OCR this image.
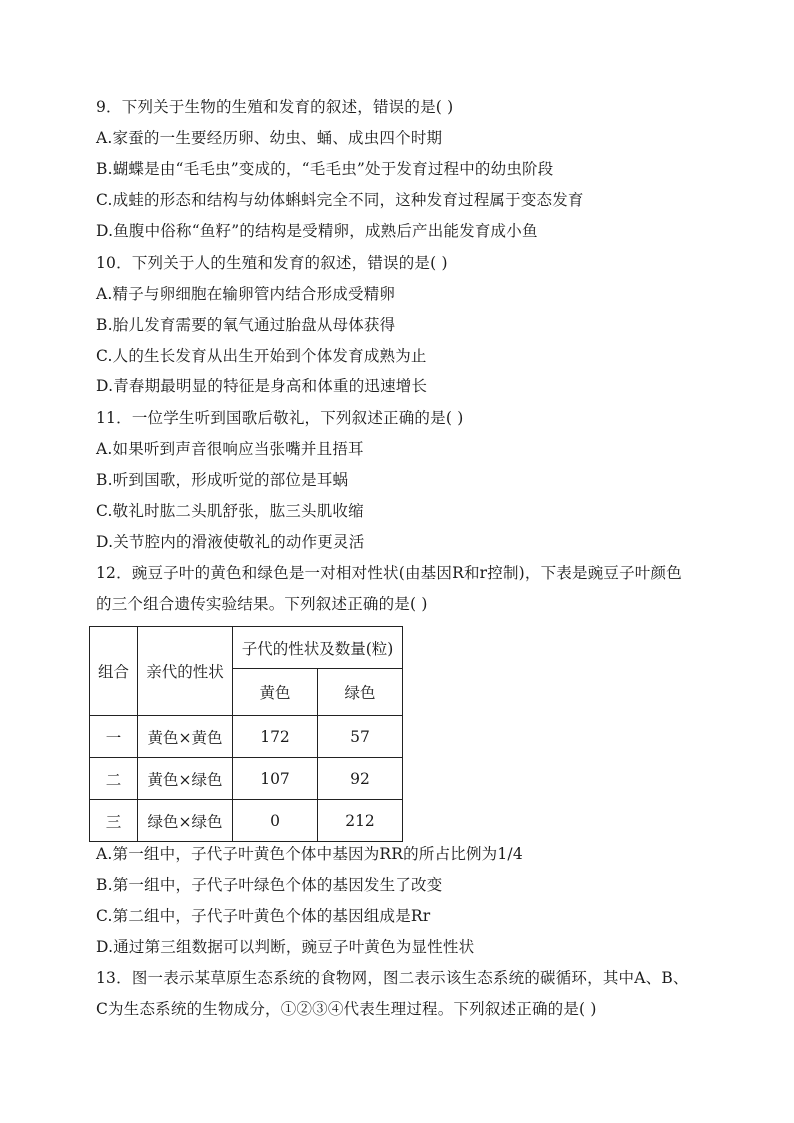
9．下列关于生物的生殖和发育的叙述，错误的是( )
A.家蚕的一生要经历卵、幼虫、蛹、成虫四个时期
B.蝴蝶是由“毛毛虫”变成的，“毛毛虫”处于发育过程中的幼虫阶段
C.成蛙的形态和结构与幼体蝌蚪完全不同，这种发育过程属于变态发育
D.鱼腹中俗称“鱼籽”的结构是受精卵，成熟后产出能发育成小鱼
10．下列关于人的生殖和发育的叙述，错误的是( )
A.精子与卵细胞在输卵管内结合形成受精卵
B.胎儿发育需要的氧气通过胎盘从母体获得
C.人的生长发育从出生开始到个体发育成熟为止
D.青春期最明显的特征是身高和体重的迅速增长
11．一位学生听到国歌后敬礼，下列叙述正确的是( )
A.如果听到声音很响应当张嘴并且捂耳
B.听到国歌，形成听觉的部位是耳蜗
C.敬礼时肱二头肌舒张，肱三头肌收缩
D.关节腔内的滑液使敬礼的动作更灵活
12．豌豆子叶的黄色和绿色是一对相对性状(由基因R和r控制)，下表是豌豆子叶颜色
的三个组合遗传实验结果。下列叙述正确的是( )
组合	亲代的性状	子代的性状及数量(粒)	
		黄色	绿色
一	黄色×黄色	172	57
二	黄色×绿色	107	92
三	绿色×绿色	0	212
A.第一组中，子代子叶黄色个体中基因为RR的所占比例为1/4
B.第一组中，子代子叶绿色个体的基因发生了改变
C.第二组中，子代子叶黄色个体的基因组成是Rr
D.通过第三组数据可以判断，豌豆子叶黄色为显性性状
13．图一表示某草原生态系统的食物网，图二表示该生态系统的碳循环，其中A、B、
C为生态系统的生物成分，①②③④代表生理过程。下列叙述正确的是( )
